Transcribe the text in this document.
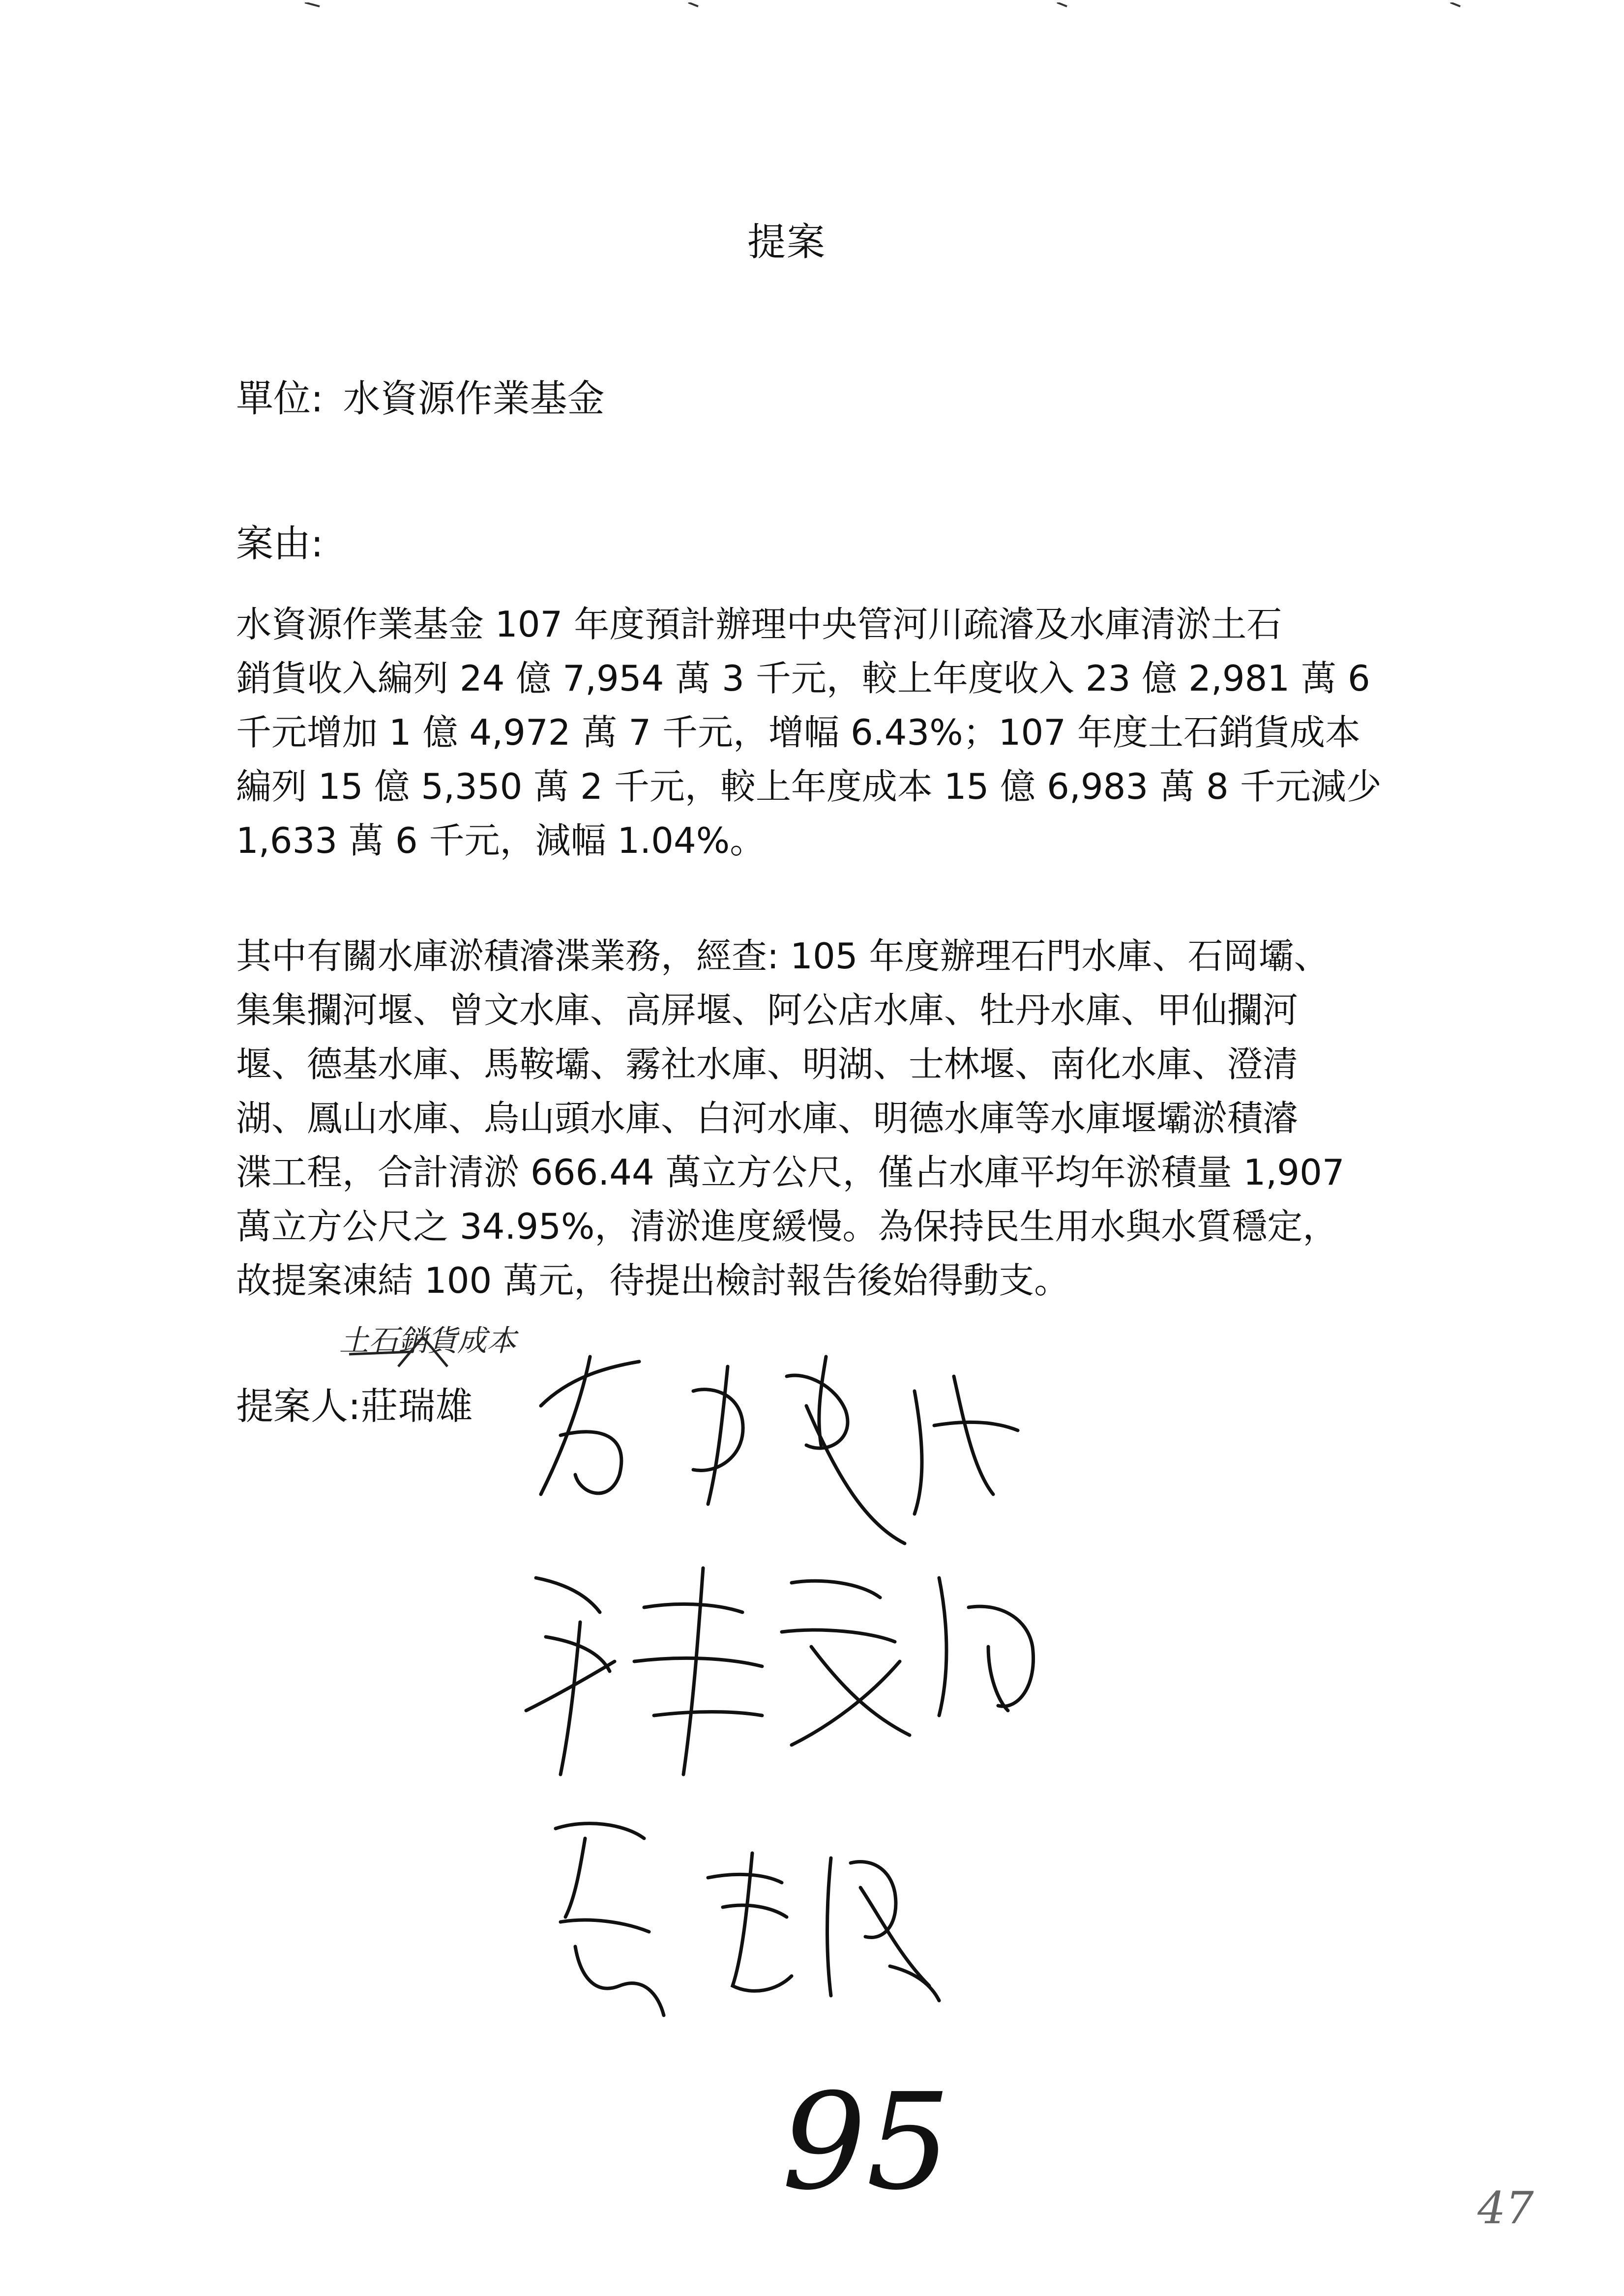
提案
單位: 水資源作業基金
案由:
水資源作業基金 107 年度預計辦理中央管河川疏濬及水庫清淤土石
銷貨收入編列 24 億 7,954 萬 3 千元，較上年度收入 23 億 2,981 萬 6
千元增加 1 億 4,972 萬 7 千元，增幅 6.43%；107 年度土石銷貨成本
編列 15 億 5,350 萬 2 千元，較上年度成本 15 億 6,983 萬 8 千元減少
1,633 萬 6 千元，減幅 1.04%。
其中有關水庫淤積濬渫業務，經查: 105 年度辦理石門水庫、石岡壩、
集集攔河堰、曾文水庫、高屏堰、阿公店水庫、牡丹水庫、甲仙攔河
堰、德基水庫、馬鞍壩、霧社水庫、明湖、士林堰、南化水庫、澄清
湖、鳳山水庫、烏山頭水庫、白河水庫、明德水庫等水庫堰壩淤積濬
渫工程，合計清淤 666.44 萬立方公尺，僅占水庫平均年淤積量 1,907
萬立方公尺之 34.95%，清淤進度緩慢。為保持民生用水與水質穩定，
故提案凍結 100 萬元，待提出檢討報告後始得動支。
土石銷貨成本
提案人:莊瑞雄
95	47
